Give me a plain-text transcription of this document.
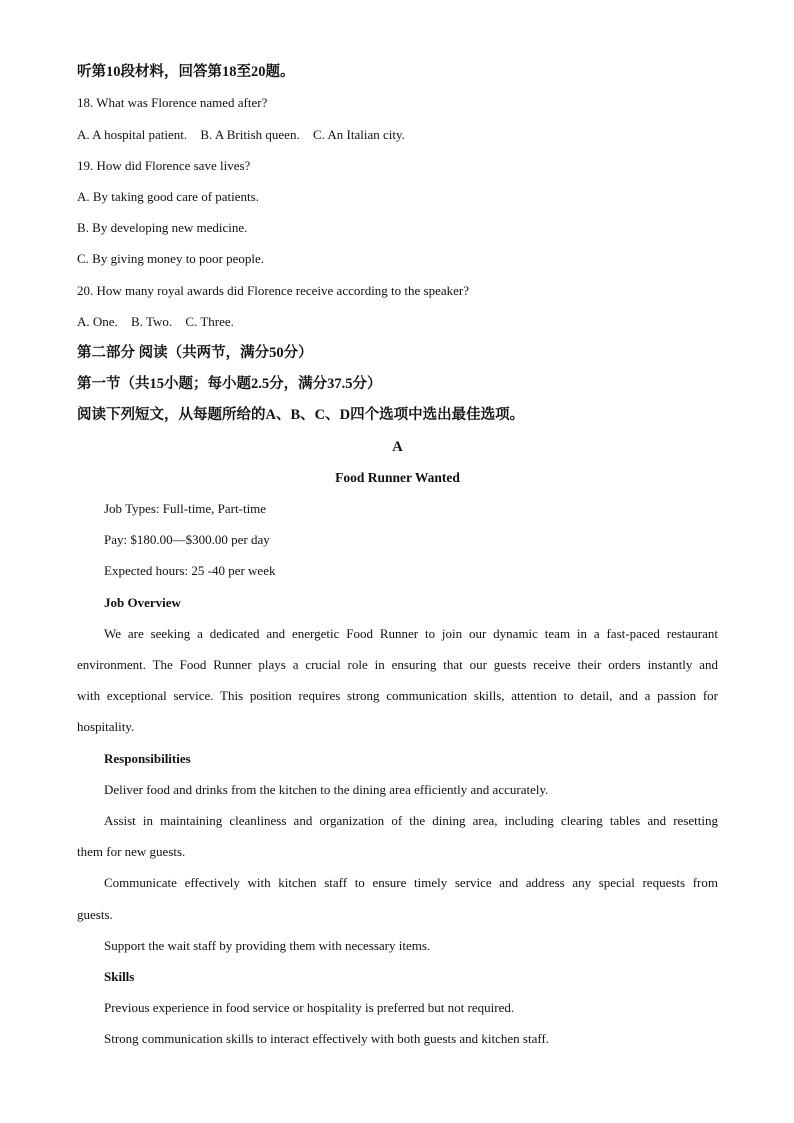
听第10段材料，回答第18至20题。
18. What was Florence named after?
A. A hospital patient. B. A British queen. C. An Italian city.
19. How did Florence save lives?
A. By taking good care of patients.
B. By developing new medicine.
C. By giving money to poor people.
20. How many royal awards did Florence receive according to the speaker?
A. One. B. Two. C. Three.
第二部分 阅读（共两节，满分50分）
第一节（共15小题；每小题2.5分，满分37.5分）
阅读下列短文，从每题所给的A、B、C、D四个选项中选出最佳选项。
A
Food Runner Wanted
Job Types: Full-time, Part-time
Pay: $180.00—$300.00 per day
Expected hours: 25 -40 per week
Job Overview
We are seeking a dedicated and energetic Food Runner to join our dynamic team in a fast-paced restaurant
environment. The Food Runner plays a crucial role in ensuring that our guests receive their orders instantly and
with exceptional service. This position requires strong communication skills, attention to detail, and a passion for
hospitality.
Responsibilities
Deliver food and drinks from the kitchen to the dining area efficiently and accurately.
Assist in maintaining cleanliness and organization of the dining area, including clearing tables and resetting
them for new guests.
Communicate effectively with kitchen staff to ensure timely service and address any special requests from
guests.
Support the wait staff by providing them with necessary items.
Skills
Previous experience in food service or hospitality is preferred but not required.
Strong communication skills to interact effectively with both guests and kitchen staff.
